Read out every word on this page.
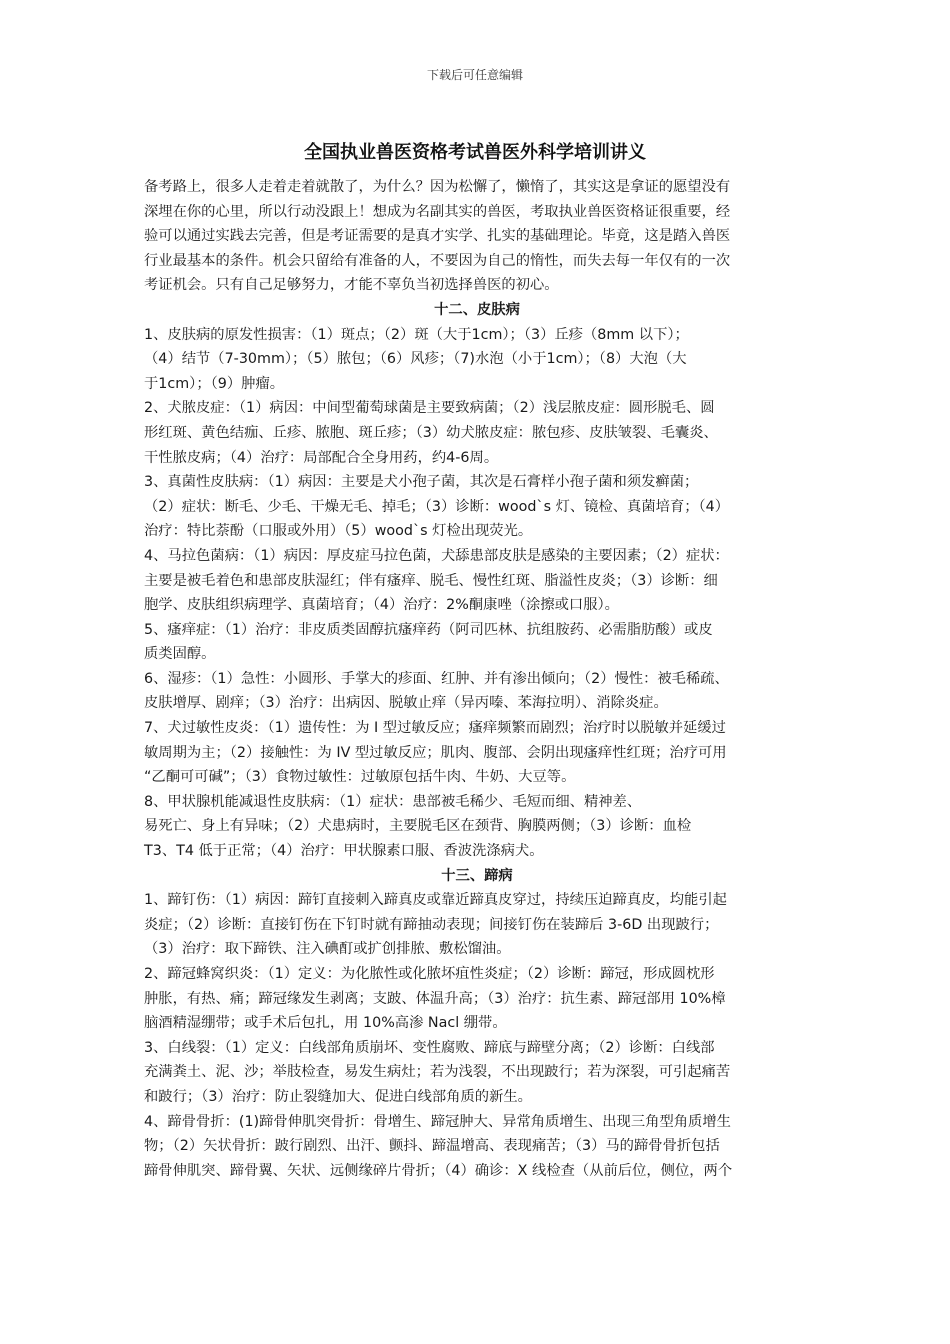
下载后可任意编辑
全国执业兽医资格考试兽医外科学培训讲义

备考路上，很多人走着走着就散了，为什么？因为松懈了，懒惰了，其实这是拿证的愿望没有
深埋在你的心里，所以行动没跟上！想成为名副其实的兽医，考取执业兽医资格证很重要，经
验可以通过实践去完善，但是考证需要的是真才实学、扎实的基础理论。毕竟，这是踏入兽医
行业最基本的条件。机会只留给有准备的人，不要因为自己的惰性，而失去每一年仅有的一次
考证机会。只有自己足够努力，才能不辜负当初选择兽医的初心。

十二、皮肤病

1、皮肤病的原发性损害：（1）斑点；（2）斑（大于1cm）；（3）丘疹（8mm 以下）；
（4）结节（7-30mm）；（5）脓包；（6）风疹；（7)水泡（小于1cm）；（8）大泡（大
于1cm）；（9）肿瘤。

2、犬脓皮症：（1）病因：中间型葡萄球菌是主要致病菌；（2）浅层脓皮症：圆形脱毛、圆
形红斑、黄色结痂、丘疹、脓胞、斑丘疹；（3）幼犬脓皮症：脓包疹、皮肤皱裂、毛囊炎、
干性脓皮病；（4）治疗：局部配合全身用药，约4-6周。

3、真菌性皮肤病：（1）病因：主要是犬小孢子菌，其次是石膏样小孢子菌和须发癣菌；
（2）症状：断毛、少毛、干燥无毛、掉毛；（3）诊断：wood`s 灯、镜检、真菌培育；（4）
治疗：特比萘酚（口服或外用）（5）wood`s 灯检出现荧光。

4、马拉色菌病：（1）病因：厚皮症马拉色菌，犬舔患部皮肤是感染的主要因素；（2）症状：
主要是被毛着色和患部皮肤湿红；伴有瘙痒、脱毛、慢性红斑、脂溢性皮炎；（3）诊断：细
胞学、皮肤组织病理学、真菌培育；（4）治疗：2%酮康唑（涂擦或口服）。

5、瘙痒症：（1）治疗：非皮质类固醇抗瘙痒药（阿司匹林、抗组胺药、必需脂肪酸）或皮
质类固醇。

6、湿疹：（1）急性：小圆形、手掌大的疹面、红肿、并有渗出倾向；（2）慢性：被毛稀疏、
皮肤增厚、剧痒；（3）治疗：出病因、脱敏止痒（异丙嗪、苯海拉明）、消除炎症。

7、犬过敏性皮炎：（1）遗传性：为 I 型过敏反应；瘙痒频繁而剧烈；治疗时以脱敏并延缓过
敏周期为主；（2）接触性：为 IV 型过敏反应；肌肉、腹部、会阴出现瘙痒性红斑；治疗可用
“乙酮可可碱”；（3）食物过敏性：过敏原包括牛肉、牛奶、大豆等。

8、甲状腺机能减退性皮肤病：（1）症状：患部被毛稀少、毛短而细、精神差、
易死亡、身上有异味；（2）犬患病时，主要脱毛区在颈背、胸膜两侧；（3）诊断：血检
T3、T4 低于正常；（4）治疗：甲状腺素口服、香波洗涤病犬。

十三、蹄病

1、蹄钉伤：（1）病因：蹄钉直接刺入蹄真皮或靠近蹄真皮穿过，持续压迫蹄真皮，均能引起
炎症；（2）诊断：直接钉伤在下钉时就有蹄抽动表现；间接钉伤在装蹄后 3-6D 出现跛行；
（3）治疗：取下蹄铁、注入碘酊或扩创排脓、敷松馏油。

2、蹄冠蜂窝织炎：（1）定义：为化脓性或化脓坏疽性炎症；（2）诊断：蹄冠，形成圆枕形
肿胀，有热、痛；蹄冠缘发生剥离；支跛、体温升高；（3）治疗：抗生素、蹄冠部用 10%樟
脑酒精湿绷带；或手术后包扎，用 10%高渗 Nacl 绷带。

3、白线裂：（1）定义：白线部角质崩坏、变性腐败、蹄底与蹄壁分离；（2）诊断：白线部
充满粪土、泥、沙；举肢检查，易发生病灶；若为浅裂，不出现跛行；若为深裂，可引起痛苦
和跛行；（3）治疗：防止裂缝加大、促进白线部角质的新生。

4、蹄骨骨折：(1)蹄骨伸肌突骨折：骨增生、蹄冠肿大、异常角质增生、出现三角型角质增生
物；（2）矢状骨折：跛行剧烈、出汗、颤抖、蹄温增高、表现痛苦；（3）马的蹄骨骨折包括
蹄骨伸肌突、蹄骨翼、矢状、远侧缘碎片骨折；（4）确诊：X 线检查（从前后位，侧位，两个
